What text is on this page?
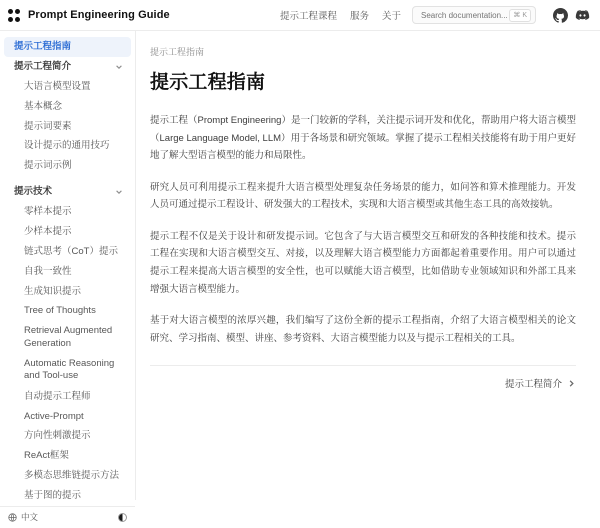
Prompt Engineering Guide	提示工程课程 服务 关于
Search documentation...	⌘ K
提示工程指南
提示工程简介
大语言模型设置
基本概念
提示词要素
设计提示的通用技巧
提示词示例
提示技术
零样本提示
少样本提示
链式思考（CoT）提示
自我一致性
生成知识提示
Tree of Thoughts
Retrieval Augmented Generation
Automatic Reasoning and Tool-use
自动提示工程师
Active-Prompt
方向性刺激提示
ReAct框架
多模态思维链提示方法
基于图的提示
中文
提示工程指南
提示工程指南

提示工程（Prompt Engineering）是一门较新的学科，关注提示词开发和优化，帮助用户将大语言模型（Large Language Model, LLM）用于各场景和研究领域。掌握了提示工程相关技能将有助于用户更好地了解大型语言模型的能力和局限性。

研究人员可利用提示工程来提升大语言模型处理复杂任务场景的能力，如问答和算术推理能力。开发人员可通过提示工程设计、研发强大的工程技术，实现和大语言模型或其他生态工具的高效接轨。

提示工程不仅是关于设计和研发提示词。它包含了与大语言模型交互和研发的各种技能和技术。提示工程在实现和大语言模型交互、对接，以及理解大语言模型能力方面都起着重要作用。用户可以通过提示工程来提高大语言模型的安全性，也可以赋能大语言模型，比如借助专业领域知识和外部工具来增强大语言模型能力。

基于对大语言模型的浓厚兴趣，我们编写了这份全新的提示工程指南，介绍了大语言模型相关的论文研究、学习指南、模型、讲座、参考资料、大语言模型能力以及与提示工程相关的工具。

提示工程简介
